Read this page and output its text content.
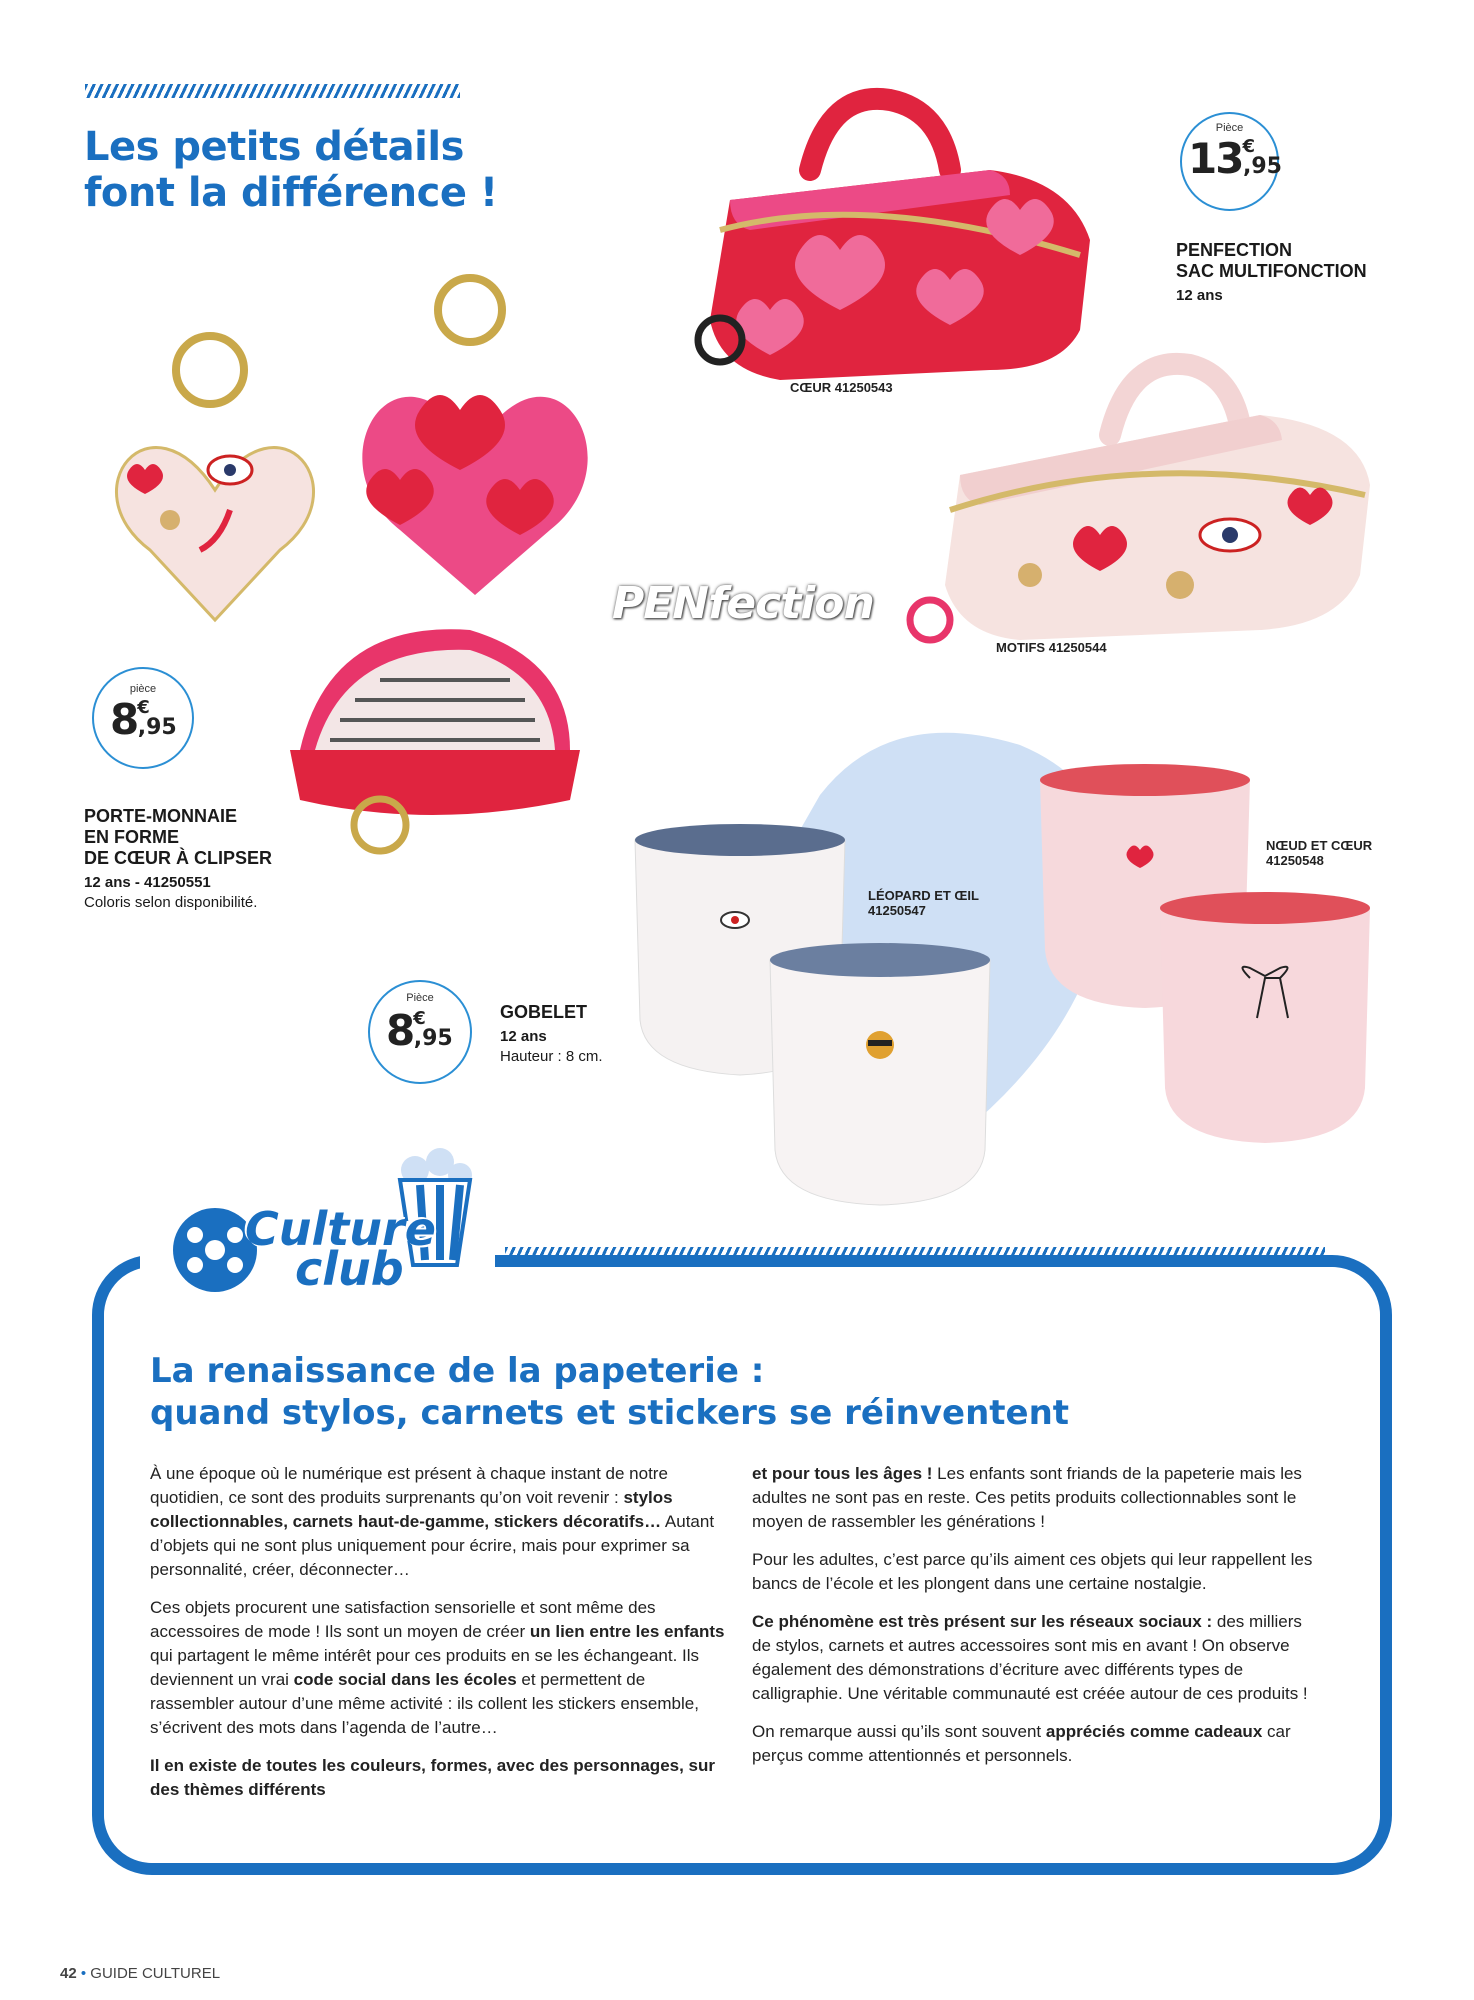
Les petits détails
font la différence !
Pièce
13€,95
PENFECTION
SAC MULTIFONCTION
12 ans
CŒUR 41250543
MOTIFS 41250544
PENfection
pièce
8€,95
PORTE-MONNAIE
EN FORME
DE CŒUR À CLIPSER
12 ans - 41250551
Coloris selon disponibilité.	LÉOPARD ET ŒIL
41250547
NŒUD ET CŒUR
41250548
Pièce
8€,95
GOBELET
12 ans
Hauteur : 8 cm.
Culture
club
La renaissance de la papeterie :
quand stylos, carnets et stickers se réinventent

À une époque où le numérique est présent à chaque instant de notre quotidien, ce sont des produits surprenants qu’on voit revenir : stylos collectionnables, carnets haut-de-gamme, stickers décoratifs… Autant d’objets qui ne sont plus uniquement pour écrire, mais pour exprimer sa personnalité, créer, déconnecter…

Ces objets procurent une satisfaction sensorielle et sont même des accessoires de mode ! Ils sont un moyen de créer un lien entre les enfants qui partagent le même intérêt pour ces produits en se les échangeant. Ils deviennent un vrai code social dans les écoles et permettent de rassembler autour d’une même activité : ils collent les stickers ensemble, s’écrivent des mots dans l’agenda de l’autre…

Il en existe de toutes les couleurs, formes, avec des personnages, sur des thèmes différents

et pour tous les âges ! Les enfants sont friands de la papeterie mais les adultes ne sont pas en reste. Ces petits produits collectionnables sont le moyen de rassembler les générations !

Pour les adultes, c’est parce qu’ils aiment ces objets qui leur rappellent les bancs de l’école et les plongent dans une certaine nostalgie.

Ce phénomène est très présent sur les réseaux sociaux : des milliers de stylos, carnets et autres accessoires sont mis en avant ! On observe également des démonstrations d’écriture avec différents types de calligraphie. Une véritable communauté est créée autour de ces produits !

On remarque aussi qu’ils sont souvent appréciés comme cadeaux car perçus comme attentionnés et personnels.

42 • GUIDE CULTUREL
